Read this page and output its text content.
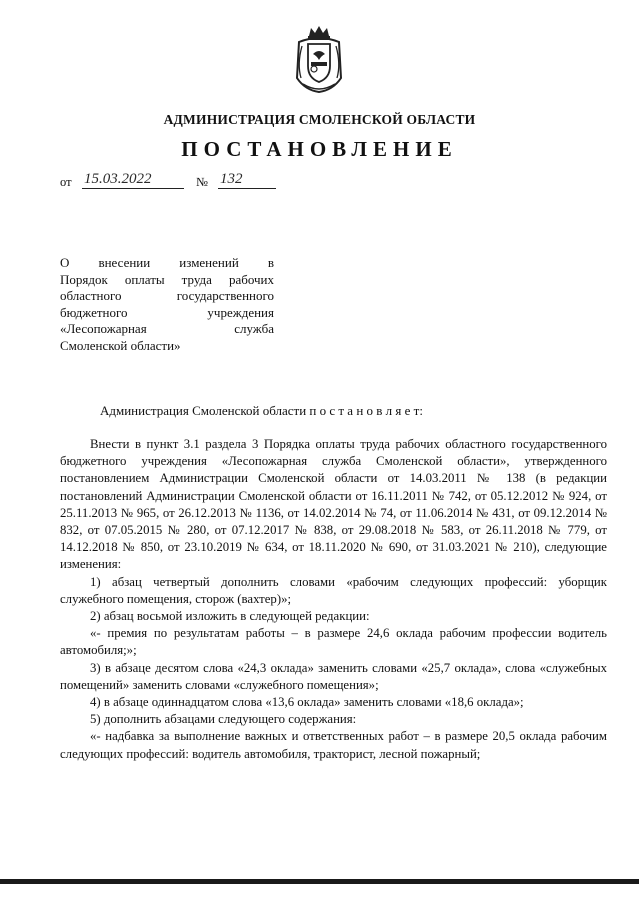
АДМИНИСТРАЦИЯ СМОЛЕНСКОЙ ОБЛАСТИ
ПОСТАНОВЛЕНИЕ
от 15.03.2022	№ 132
О внесении изменений в
Порядок оплаты труда рабочих
областного государственного
бюджетного учреждения
«Лесопожарная служба
Смоленской области»
Администрация Смоленской области п о с т а н о в л я е т:

Внести в пункт 3.1 раздела 3 Порядка оплаты труда рабочих областного государственного бюджетного учреждения «Лесопожарная служба Смоленской области», утвержденного постановлением Администрации Смоленской области от 14.03.2011 № 138 (в редакции постановлений Администрации Смоленской области от 16.11.2011 № 742, от 05.12.2012 № 924, от 25.11.2013 № 965, от 26.12.2013 № 1136, от 14.02.2014 № 74, от 11.06.2014 № 431, от 09.12.2014 № 832, от 07.05.2015 № 280, от 07.12.2017 № 838, от 29.08.2018 № 583, от 26.11.2018 № 779, от 14.12.2018 № 850, от 23.10.2019 № 634, от 18.11.2020 № 690, от 31.03.2021 № 210), следующие изменения:

1) абзац четвертый дополнить словами «рабочим следующих профессий: уборщик служебного помещения, сторож (вахтер)»;

2) абзац восьмой изложить в следующей редакции:

«- премия по результатам работы – в размере 24,6 оклада рабочим профессии водитель автомобиля;»;

3) в абзаце десятом слова «24,3 оклада» заменить словами «25,7 оклада», слова «служебных помещений» заменить словами «служебного помещения»;

4) в абзаце одиннадцатом слова «13,6 оклада» заменить словами «18,6 оклада»;

5) дополнить абзацами следующего содержания:

«- надбавка за выполнение важных и ответственных работ – в размере 20,5 оклада рабочим следующих профессий: водитель автомобиля, тракторист, лесной пожарный;
